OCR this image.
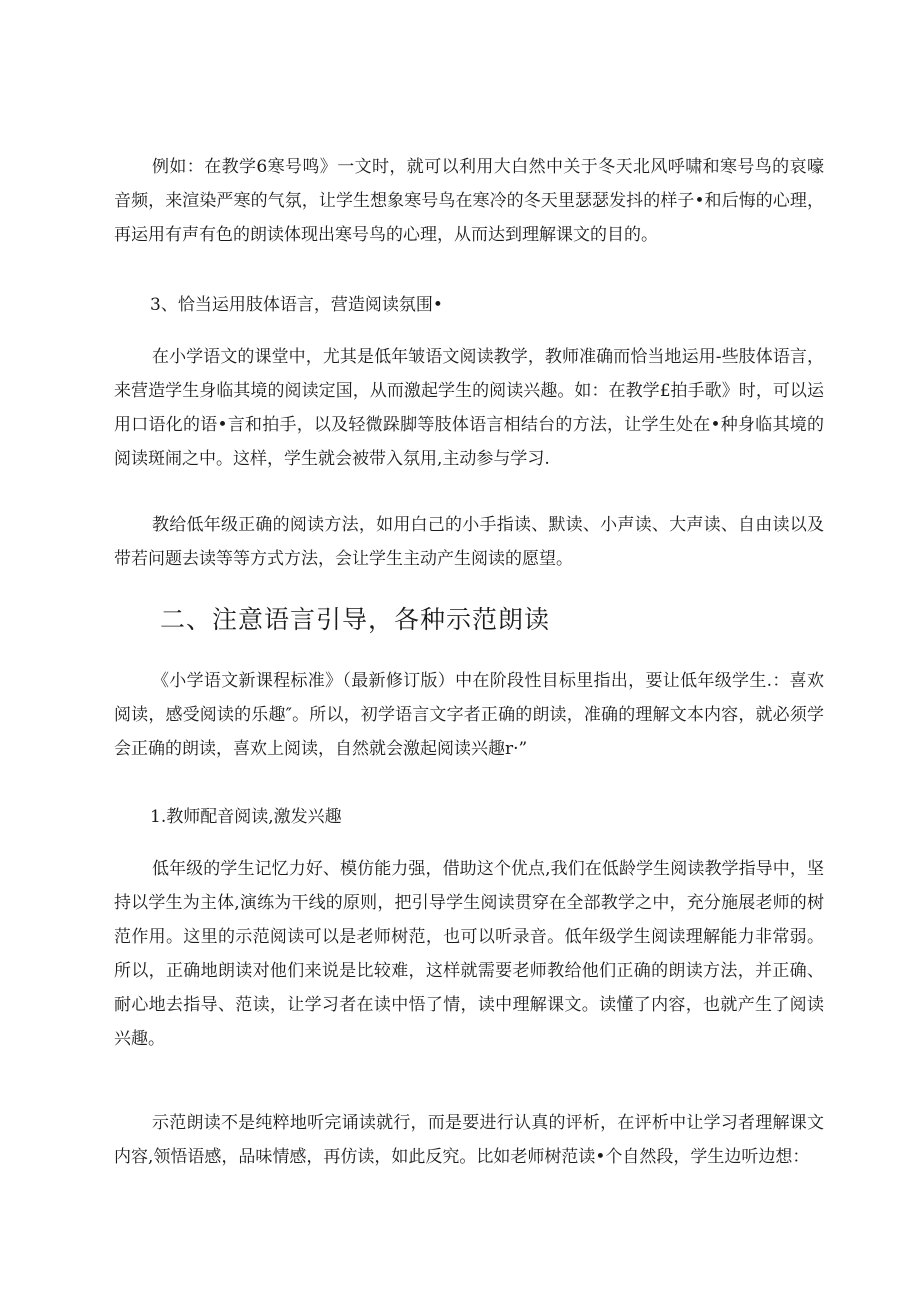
例如：在教学6寒号鸣》一文时，就可以利用大白然中关于冬天北风呼啸和寒号鸟的哀嚎音频，来渲染严寒的气氛，让学生想象寒号鸟在寒冷的冬天里瑟瑟发抖的样子•和后悔的心理，再运用有声有色的朗读体现出寒号鸟的心理，从而达到理解课文的目的。

3、恰当运用肢体语言，营造阅读氛围•

在小学语文的课堂中，尤其是低年皱语文阅读教学，教师准确而恰当地运用-些肢体语言，来营造学生身临其境的阅读定国，从而激起学生的阅读兴趣。如：在教学£拍手歌》时，可以运用口语化的语•言和拍手，以及轻微跺脚等肢体语言相结台的方法，让学生处在•种身临其境的阅读斑闹之中。这样，学生就会被带入氛用,主动参与学习.

教给低年级正确的阅读方法，如用白己的小手指读、默读、小声读、大声读、自由读以及带若问题去读等等方式方法，会让学生主动产生阅读的愿望。

二、注意语言引导，各种示范朗读

《小学语文新课程标准》（最新修订版）中在阶段性目标里指出，要让低年级学生.：喜欢阅读，感受阅读的乐趣″。所以，初学语言文字者正确的朗读，准确的理解文本内容，就必须学会正确的朗读，喜欢上阅读，自然就会激起阅读兴趣r·”

1.教师配音阅读,激发兴趣

低年级的学生记忆力好、模仿能力强，借助这个优点,我们在低龄学生阅读教学指导中，坚持以学生为主体,演练为干线的原则，把引导学生阅读贯穿在全部教学之中，充分施展老师的树范作用。这里的示范阅读可以是老师树范，也可以听录音。低年级学生阅读理解能力非常弱。所以，正确地朗读对他们来说是比较难，这样就需要老师教给他们正确的朗读方法，并正确、耐心地去指导、范读，让学习者在读中悟了情，读中理解课文。读懂了内容，也就产生了阅读兴趣。

示范朗读不是纯粹地听完诵读就行，而是要进行认真的评析，在评析中让学习者理解课文内容,领悟语感，品味情感，再仿读，如此反究。比如老师树范读•个自然段，学生边听边想：
